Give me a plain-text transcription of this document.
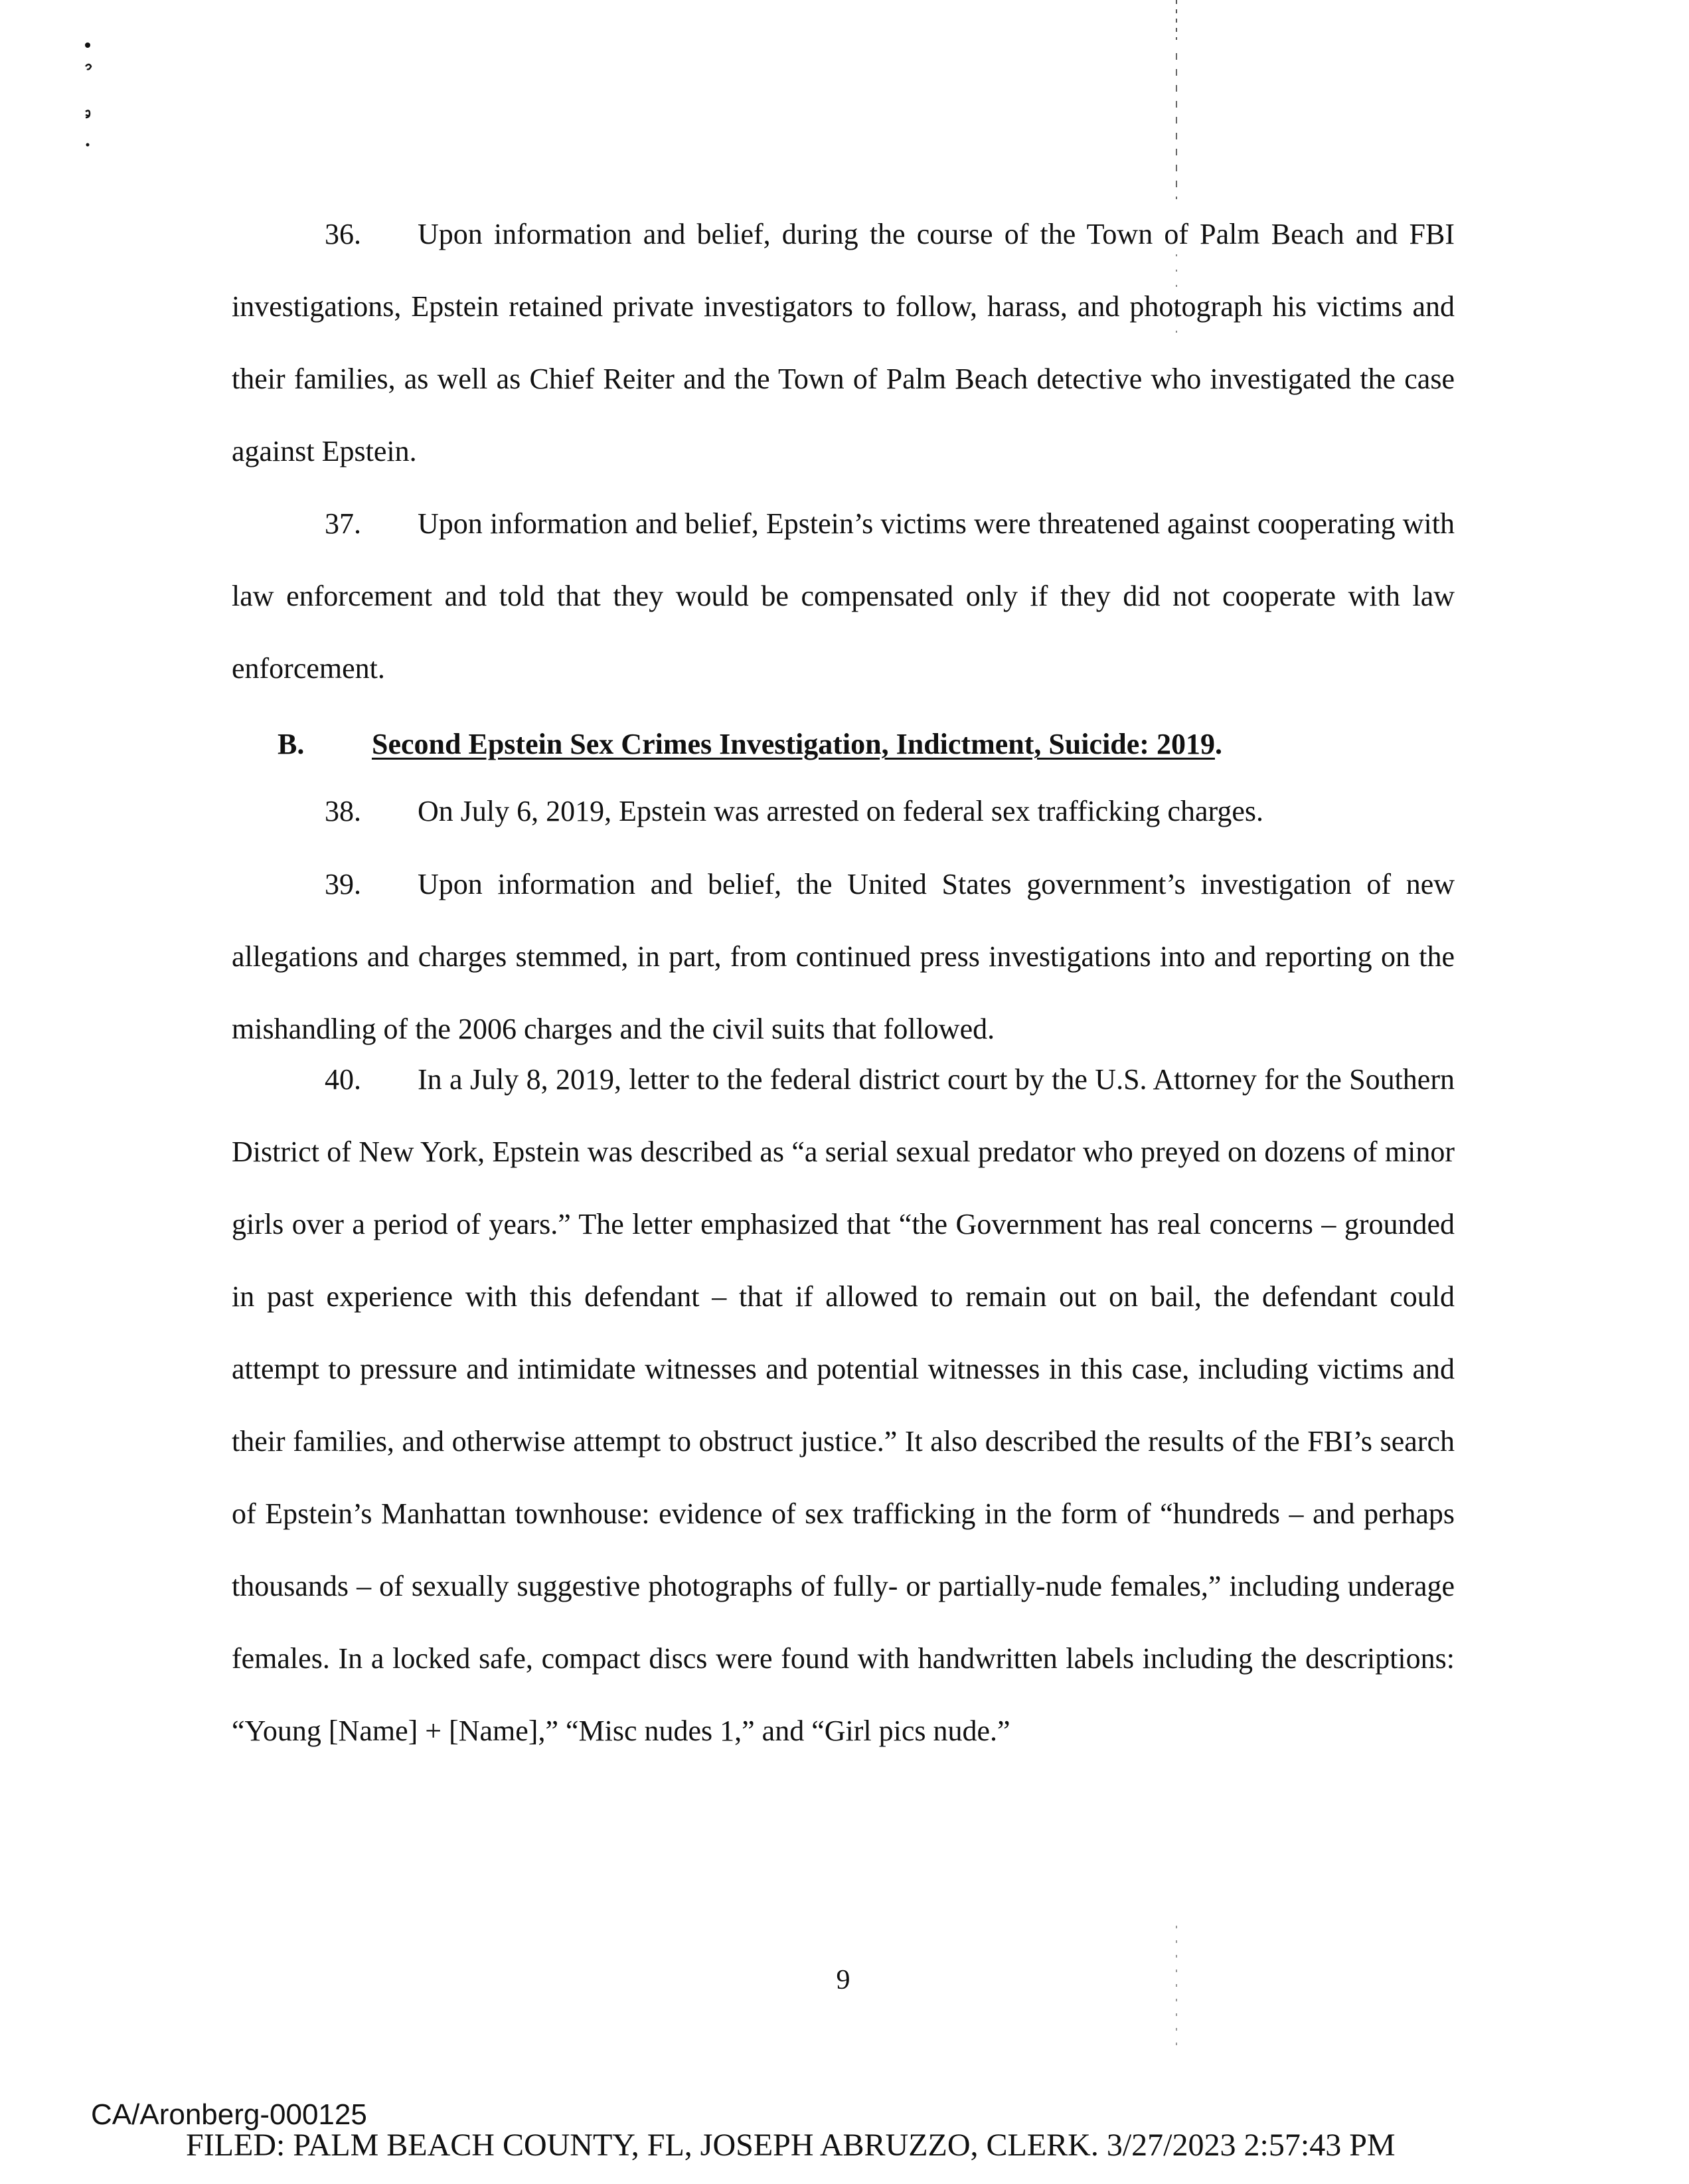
36. Upon information and belief, during the course of the Town of Palm Beach and FBI investigations, Epstein retained private investigators to follow, harass, and photograph his victims and their families, as well as Chief Reiter and the Town of Palm Beach detective who investigated the case against Epstein.

37. Upon information and belief, Epstein’s victims were threatened against cooperating with law enforcement and told that they would be compensated only if they did not cooperate with law enforcement.

B. Second Epstein Sex Crimes Investigation, Indictment, Suicide: 2019.

38. On July 6, 2019, Epstein was arrested on federal sex trafficking charges.

39. Upon information and belief, the United States government’s investigation of new allegations and charges stemmed, in part, from continued press investigations into and reporting on the mishandling of the 2006 charges and the civil suits that followed.

40. In a July 8, 2019, letter to the federal district court by the U.S. Attorney for the Southern District of New York, Epstein was described as “a serial sexual predator who preyed on dozens of minor girls over a period of years.” The letter emphasized that “the Government has real concerns – grounded in past experience with this defendant – that if allowed to remain out on bail, the defendant could attempt to pressure and intimidate witnesses and potential witnesses in this case, including victims and their families, and otherwise attempt to obstruct justice.” It also described the results of the FBI’s search of Epstein’s Manhattan townhouse: evidence of sex trafficking in the form of “hundreds – and perhaps thousands – of sexually suggestive photographs of fully- or partially-nude females,” including underage females. In a locked safe, compact discs were found with handwritten labels including the descriptions: “Young [Name] + [Name],” “Misc nudes 1,” and “Girl pics nude.”

9
CA/Aronberg-000125
FILED: PALM BEACH COUNTY, FL, JOSEPH ABRUZZO, CLERK. 3/27/2023 2:57:43 PM
